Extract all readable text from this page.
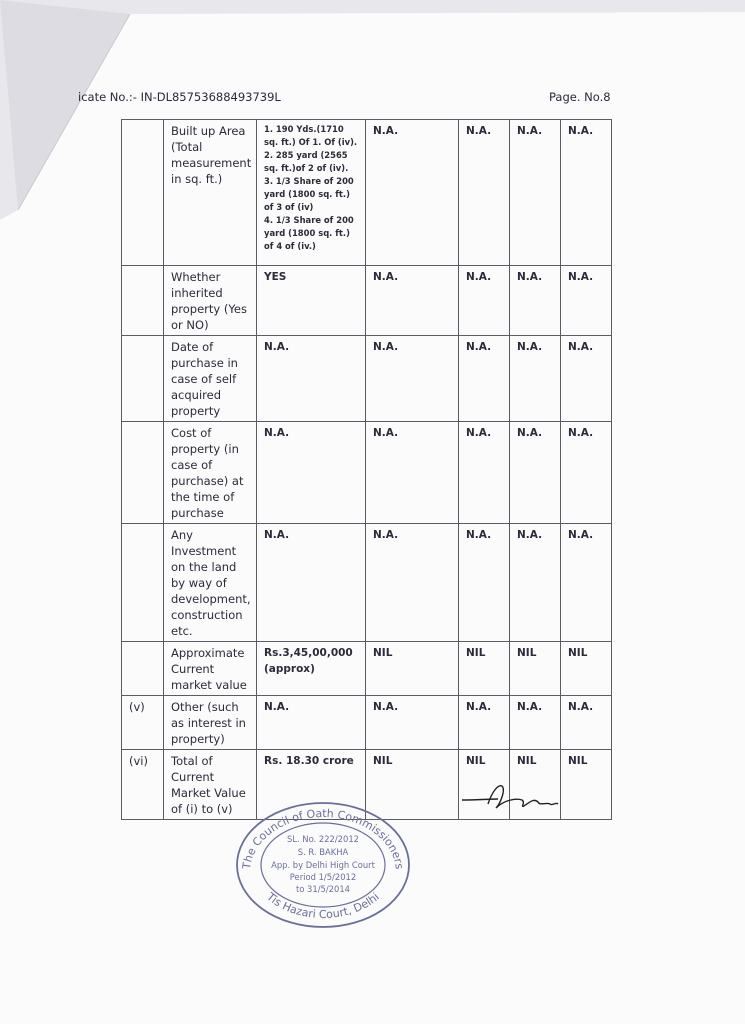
icate No.:- IN-DL85753688493739L	Page. No.8
	Built up Area (Total measurement in sq. ft.)	1. 190 Yds.(1710 sq. ft.) Of 1. Of (iv).
2. 285 yard (2565 sq. ft.)of 2 of (iv).
3. 1/3 Share of 200 yard (1800 sq. ft.) of 3 of (iv)
4. 1/3 Share of 200 yard (1800 sq. ft.) of 4 of (iv.)	N.A.	N.A.	N.A.	N.A.
	Whether inherited property (Yes or NO)	YES	N.A.	N.A.	N.A.	N.A.
	Date of purchase in case of self acquired property	N.A.	N.A.	N.A.	N.A.	N.A.
	Cost of property (in case of purchase) at the time of purchase	N.A.	N.A.	N.A.	N.A.	N.A.
	Any Investment on the land by way of development, construction etc.	N.A.	N.A.	N.A.	N.A.	N.A.
	Approximate Current market value	Rs.3,45,00,000
(approx)	NIL	NIL	NIL	NIL
(v)	Other (such as interest in property)	N.A.	N.A.	N.A.	N.A.	N.A.
(vi)	Total of Current Market Value of (i) to (v)	Rs. 18.30 crore	NIL	NIL	NIL	NIL
The Council of Oath Commissioners
Tis Hazari Court, Delhi
SL. No. 222/2012
S. R. BAKHA
App. by Delhi High Court
Period 1/5/2012
to 31/5/2014
